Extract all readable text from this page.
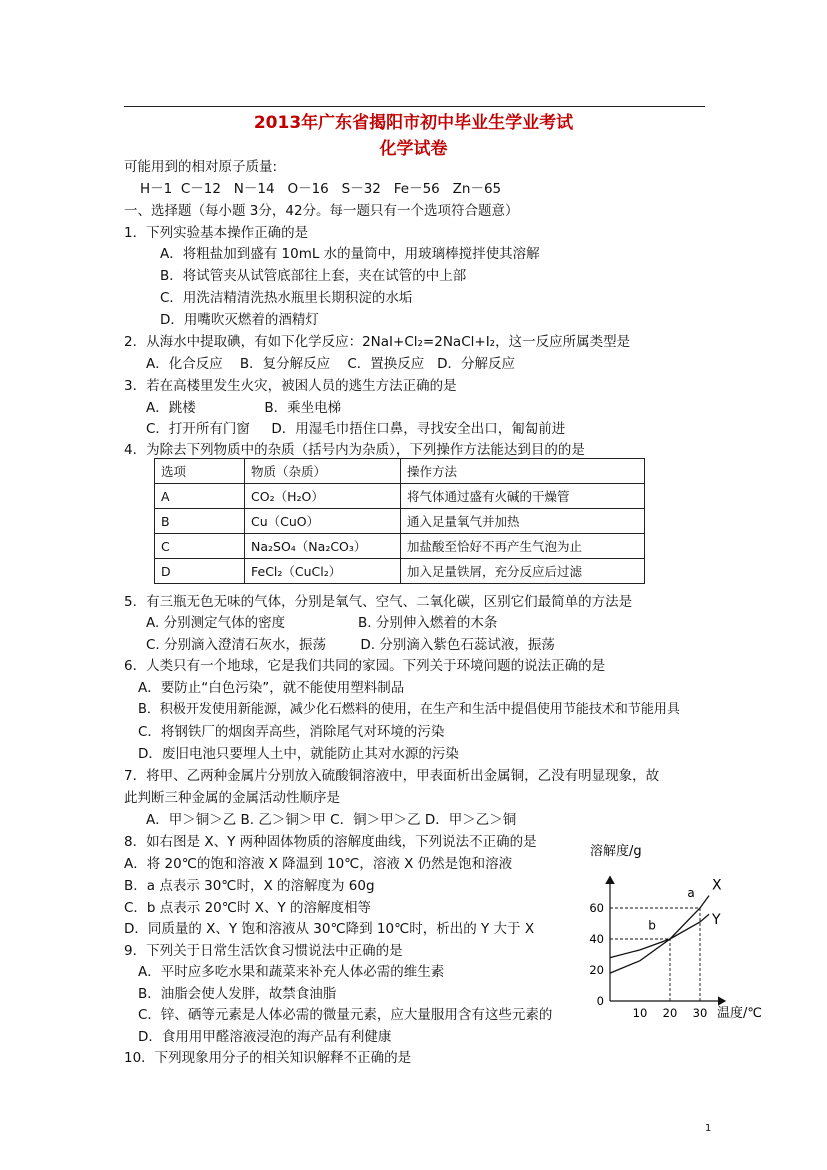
2013年广东省揭阳市初中毕业生学业考试
化学试卷
可能用到的相对原子质量:
H－1  C－12   N－14   O－16   S－32   Fe－56   Zn－65
一、选择题（每小题 3分，42分。每一题只有一个选项符合题意）
1．下列实验基本操作正确的是
A．将粗盐加到盛有 10mL 水的量筒中，用玻璃棒搅拌使其溶解
B．将试管夹从试管底部往上套，夹在试管的中上部
C．用洗洁精清洗热水瓶里长期积淀的水垢
D．用嘴吹灭燃着的酒精灯
2．从海水中提取碘，有如下化学反应：2NaI+Cl₂=2NaCl+I₂，这一反应所属类型是
A．化合反应    B．复分解反应    C．置换反应   D．分解反应
3．若在高楼里发生火灾，被困人员的逃生方法正确的是
A．跳楼                B．乘坐电梯
C．打开所有门窗     D．用湿毛巾捂住口鼻，寻找安全出口，匍匐前进
4．为除去下列物质中的杂质（括号内为杂质），下列操作方法能达到目的的是
选项	物质（杂质）	操作方法
A	CO₂（H₂O）	将气体通过盛有火碱的干燥管
B	Cu（CuO）	通入足量氧气并加热
C	Na₂SO₄（Na₂CO₃）	加盐酸至恰好不再产生气泡为止
D	FeCl₂（CuCl₂）	加入足量铁屑，充分反应后过滤
5．有三瓶无色无味的气体，分别是氧气、空气、二氧化碳，区别它们最简单的方法是
A. 分别测定气体的密度                 B. 分别伸入燃着的木条
C. 分别滴入澄清石灰水，振荡        D. 分别滴入紫色石蕊试液，振荡
6．人类只有一个地球，它是我们共同的家园。下列关于环境问题的说法正确的是
A．要防止“白色污染”，就不能使用塑料制品
B．积极开发使用新能源，减少化石燃料的使用，在生产和生活中提倡使用节能技术和节能用具
C．将钢铁厂的烟囱弄高些，消除尾气对环境的污染
D．废旧电池只要埋人土中，就能防止其对水源的污染
7．将甲、乙两种金属片分别放入硫酸铜溶液中，甲表面析出金属铜，乙没有明显现象，故
此判断三种金属的金属活动性顺序是
A．甲＞铜＞乙 B. 乙＞铜＞甲 C．铜＞甲＞乙 D．甲＞乙＞铜
8．如右图是 X、Y 两种固体物质的溶解度曲线，下列说法不正确的是
A．将 20℃的饱和溶液 X 降温到 10℃，溶液 X 仍然是饱和溶液
B．a 点表示 30℃时，X 的溶解度为 60g
C．b 点表示 20℃时 X、Y 的溶解度相等
D．同质量的 X、Y 饱和溶液从 30℃降到 10℃时，析出的 Y 大于 X
9．下列关于日常生活饮食习惯说法中正确的是
A．平时应多吃水果和蔬菜来补充人体必需的维生素
B．油脂会使人发胖，故禁食油脂
C．锌、硒等元素是人体必需的微量元素，应大量服用含有这些元素的
D．食用用甲醛溶液浸泡的海产品有利健康
10．下列现象用分子的相关知识解释不正确的是
1
溶解度/g
温度/℃
0
20
40
60
10 20 30
X
Y
a
b
